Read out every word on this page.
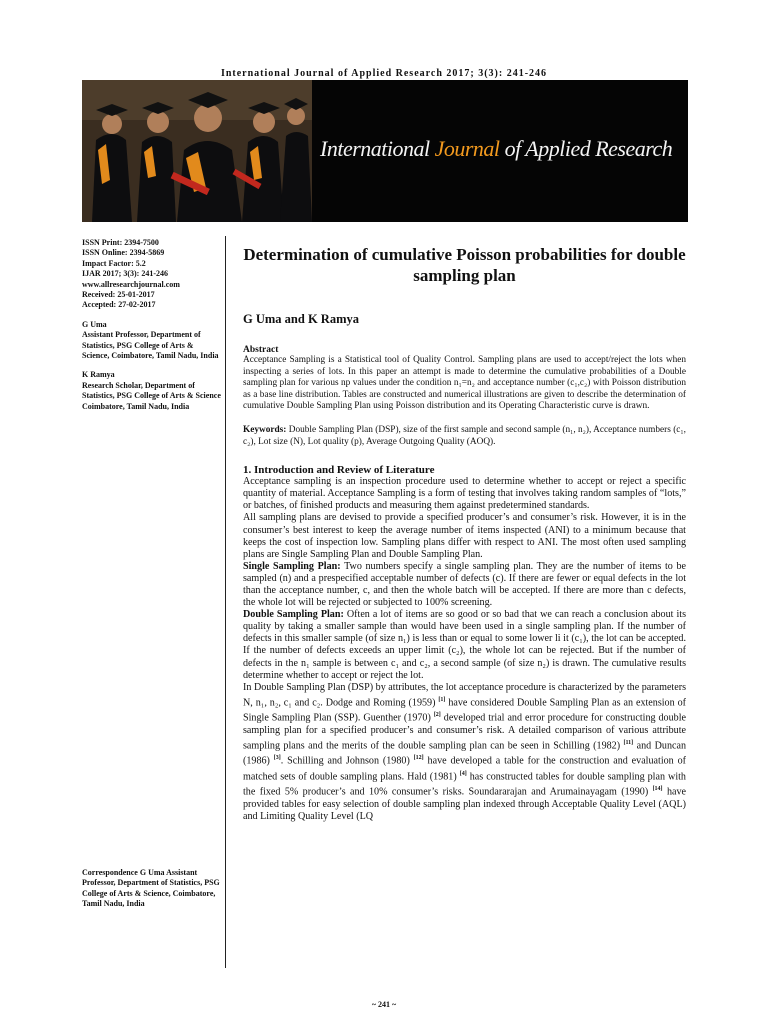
International Journal of Applied Research 2017; 3(3): 241-246
International Journal of Applied Research
ISSN Print: 2394-7500
ISSN Online: 2394-5869
Impact Factor: 5.2
IJAR 2017; 3(3): 241-246
www.allresearchjournal.com
Received: 25-01-2017
Accepted: 27-02-2017
G Uma
Assistant Professor, Department of Statistics, PSG College of Arts & Science, Coimbatore, Tamil Nadu, India
K Ramya
Research Scholar, Department of Statistics, PSG College of Arts & Science Coimbatore, Tamil Nadu, India
Correspondence G Uma Assistant Professor, Department of Statistics, PSG College of Arts & Science, Coimbatore, Tamil Nadu, India
Determination of cumulative Poisson probabilities for double sampling plan
G Uma and K Ramya

Abstract

Acceptance Sampling is a Statistical tool of Quality Control. Sampling plans are used to accept/reject the lots when inspecting a series of lots. In this paper an attempt is made to determine the cumulative probabilities of a Double sampling plan for various np values under the condition n₁=n₂ and acceptance number (c₁,c₂) with Poisson distribution as a base line distribution. Tables are constructed and numerical illustrations are given to describe the determination of cumulative Double Sampling Plan using Poisson distribution and its Operating Characteristic curve is drawn.

Keywords: Double Sampling Plan (DSP), size of the first sample and second sample (n₁, n₂), Acceptance numbers (c₁, c₂), Lot size (N), Lot quality (p), Average Outgoing Quality (AOQ).

1. Introduction and Review of Literature

Acceptance sampling is an inspection procedure used to determine whether to accept or reject a specific quantity of material. Acceptance Sampling is a form of testing that involves taking random samples of “lots,” or batches, of finished products and measuring them against predetermined standards.

All sampling plans are devised to provide a specified producer’s and consumer’s risk. However, it is in the consumer’s best interest to keep the average number of items inspected (ANI) to a minimum because that keeps the cost of inspection low. Sampling plans differ with respect to ANI. The most often used sampling plans are Single Sampling Plan and Double Sampling Plan.

Single Sampling Plan: Two numbers specify a single sampling plan. They are the number of items to be sampled (n) and a prespecified acceptable number of defects (c). If there are fewer or equal defects in the lot than the acceptance number, c, and then the whole batch will be accepted. If there are more than c defects, the whole lot will be rejected or subjected to 100% screening.

Double Sampling Plan: Often a lot of items are so good or so bad that we can reach a conclusion about its quality by taking a smaller sample than would have been used in a single sampling plan. If the number of defects in this smaller sample (of size n₁) is less than or equal to some lower li it (c₁), the lot can be accepted. If the number of defects exceeds an upper limit (c₂), the whole lot can be rejected. But if the number of defects in the n₁ sample is between c₁ and c₂, a second sample (of size n₂) is drawn. The cumulative results determine whether to accept or reject the lot.

In Double Sampling Plan (DSP) by attributes, the lot acceptance procedure is characterized by the parameters N, n₁, n₂, c₁ and c₂. Dodge and Roming (1959) [1] have considered Double Sampling Plan as an extension of Single Sampling Plan (SSP). Guenther (1970) [2] developed trial and error procedure for constructing double sampling plan for a specified producer’s and consumer’s risk. A detailed comparison of various attribute sampling plans and the merits of the double sampling plan can be seen in Schilling (1982) [11] and Duncan (1986) [3]. Schilling and Johnson (1980) [12] have developed a table for the construction and evaluation of matched sets of double sampling plans. Hald (1981) [4] has constructed tables for double sampling plan with the fixed 5% producer’s and 10% consumer’s risks. Soundararajan and Arumainayagam (1990) [14] have provided tables for easy selection of double sampling plan indexed through Acceptable Quality Level (AQL) and Limiting Quality Level (LQ

~ 241 ~
